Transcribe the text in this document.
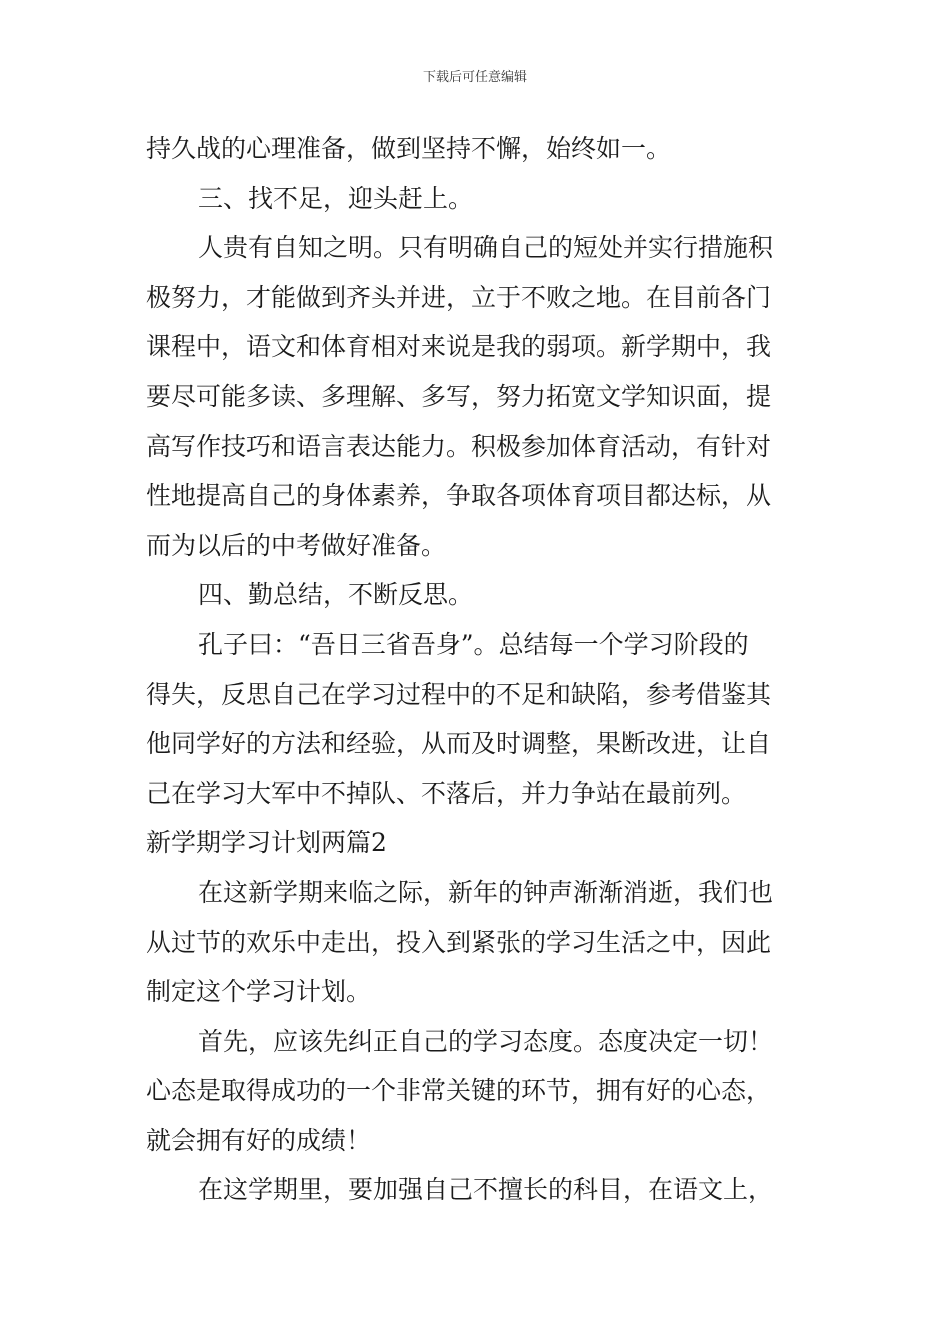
下载后可任意编辑
持久战的心理准备，做到坚持不懈，始终如一。
三、找不足，迎头赶上。
人贵有自知之明。只有明确自己的短处并实行措施积
极努力，才能做到齐头并进，立于不败之地。在目前各门
课程中，语文和体育相对来说是我的弱项。新学期中，我
要尽可能多读、多理解、多写，努力拓宽文学知识面，提
高写作技巧和语言表达能力。积极参加体育活动，有针对
性地提高自己的身体素养，争取各项体育项目都达标，从
而为以后的中考做好准备。
四、勤总结，不断反思。
孔子曰：“吾日三省吾身”。总结每一个学习阶段的
得失，反思自己在学习过程中的不足和缺陷，参考借鉴其
他同学好的方法和经验，从而及时调整，果断改进，让自
己在学习大军中不掉队、不落后，并力争站在最前列。
新学期学习计划两篇2
在这新学期来临之际，新年的钟声渐渐消逝，我们也
从过节的欢乐中走出，投入到紧张的学习生活之中，因此
制定这个学习计划。
首先，应该先纠正自己的学习态度。态度决定一切！
心态是取得成功的一个非常关键的环节，拥有好的心态，
就会拥有好的成绩！
在这学期里，要加强自己不擅长的科目，在语文上，
